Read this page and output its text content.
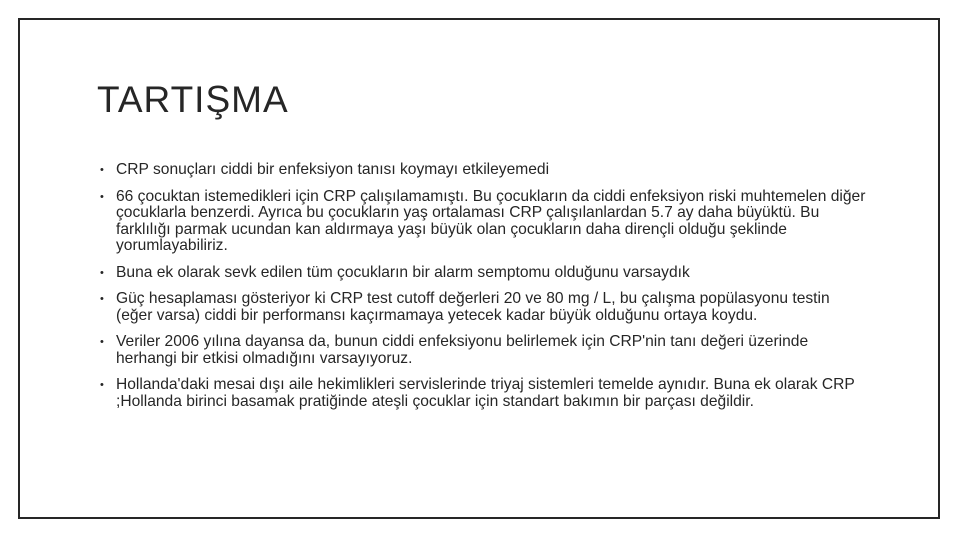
TARTIŞMA
• CRP sonuçları ciddi bir enfeksiyon tanısı koymayı etkileyemedi
• 66 çocuktan istemedikleri için CRP çalışılamamıştı. Bu çocukların da ciddi enfeksiyon riski muhtemelen diğer çocuklarla benzerdi. Ayrıca bu çocukların yaş ortalaması CRP çalışılanlardan 5.7 ay daha büyüktü. Bu farklılığı parmak ucundan kan aldırmaya yaşı büyük olan çocukların daha dirençli olduğu şeklinde yorumlayabiliriz.
• Buna ek olarak sevk edilen tüm çocukların bir alarm semptomu olduğunu varsaydık
• Güç hesaplaması gösteriyor ki CRP test cutoff değerleri 20 ve 80 mg / L, bu çalışma popülasyonu testin (eğer varsa) ciddi bir performansı kaçırmamaya yetecek kadar büyük olduğunu ortaya koydu.
• Veriler 2006 yılına dayansa da, bunun ciddi enfeksiyonu belirlemek için CRP'nin tanı değeri üzerinde herhangi bir etkisi olmadığını varsayıyoruz.
• Hollanda'daki mesai dışı aile hekimlikleri servislerinde triyaj sistemleri temelde aynıdır. Buna ek olarak CRP ;Hollanda birinci basamak pratiğinde ateşli çocuklar için standart bakımın bir parçası değildir.
